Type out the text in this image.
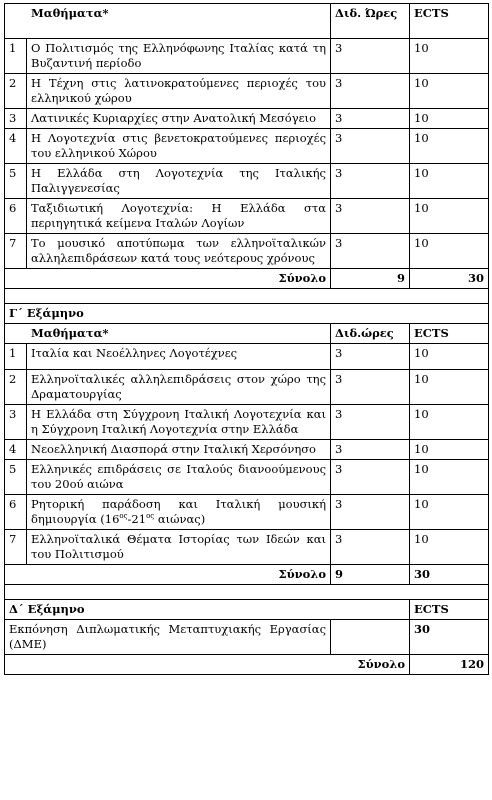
Μαθήματα*		Διδ. Ώρες	ECTS
1	Ο Πολιτισμός της Ελληνόφωνης Ιταλίας κατά τη Βυζαντινή περίοδο	3	10
2	Η Τέχνη στις λατινοκρατούμενες περιοχές του ελληνικού χώρου	3	10
3	Λατινικές Κυριαρχίες στην Ανατολική Μεσόγειο	3	10
4	Η Λογοτεχνία στις βενετοκρατούμενες περιοχές του ελληνικού Χώρου	3	10
5	Η Ελλάδα στη Λογοτεχνία της Ιταλικής Παλιγγενεσίας	3	10
6	Ταξιδιωτική Λογοτεχνία: Η Ελλάδα στα περιηγητικά κείμενα Ιταλών Λογίων	3	10
7	Το μουσικό αποτύπωμα των ελληνοϊταλικών αλληλεπιδράσεων κατά τους νεότερους χρόνους	3	10
Σύνολο		9	30

Γ΄ Εξάμηνο			
Μαθήματα*		Διδ.ώρες	ECTS
1	Ιταλία και Νεοέλληνες Λογοτέχνες	3	10
2	Ελληνοϊταλικές αλληλεπιδράσεις στον χώρο της Δραματουργίας	3	10
3	Η Ελλάδα στη Σύγχρονη Ιταλική Λογοτεχνία και η Σύγχρονη Ιταλική Λογοτεχνία στην Ελλάδα	3	10
4	Νεοελληνική Διασπορά στην Ιταλική Χερσόνησο	3	10
5	Ελληνικές επιδράσεις σε Ιταλούς διανοούμενους του 20ού αιώνα	3	10
6	Ρητορική παράδοση και Ιταλική μουσική δημιουργία ($16^{o\varsigma}-21^{o\varsigma}$ αιώνας)	3	10
7	Ελληνοϊταλικά Θέματα Ιστορίας των Ιδεών και του Πολιτισμού	3	10
Σύνολο		9	30

Δ΄ Εξάμηνο			ECTS
Εκπόνηση Διπλωματικής Μεταπτυχιακής Εργασίας (ΔΜΕ)			30
Σύνολο			120
